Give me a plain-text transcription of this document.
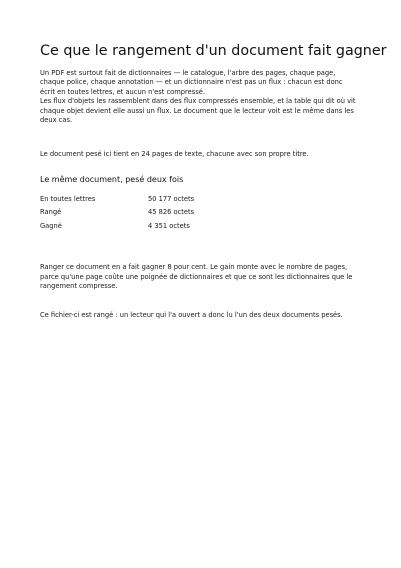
Ce que le rangement d'un document fait gagner

Un PDF est surtout fait de dictionnaires — le catalogue, l'arbre des pages, chaque page,
chaque police, chaque annotation — et un dictionnaire n'est pas un flux : chacun est donc
écrit en toutes lettres, et aucun n'est compressé.
Les flux d'objets les rassemblent dans des flux compressés ensemble, et la table qui dit où vit
chaque objet devient elle aussi un flux. Le document que le lecteur voit est le même dans les
deux cas.

Le document pesé ici tient en 24 pages de texte, chacune avec son propre titre.

Le même document, pesé deux fois
En toutes lettres	50 177 octets
Rangé	45 826 octets
Gagné	4 351 octets

Ranger ce document en a fait gagner 8 pour cent. Le gain monte avec le nombre de pages,
parce qu'une page coûte une poignée de dictionnaires et que ce sont les dictionnaires que le
rangement compresse.

Ce fichier-ci est rangé : un lecteur qui l'a ouvert a donc lu l'un des deux documents pesés.
